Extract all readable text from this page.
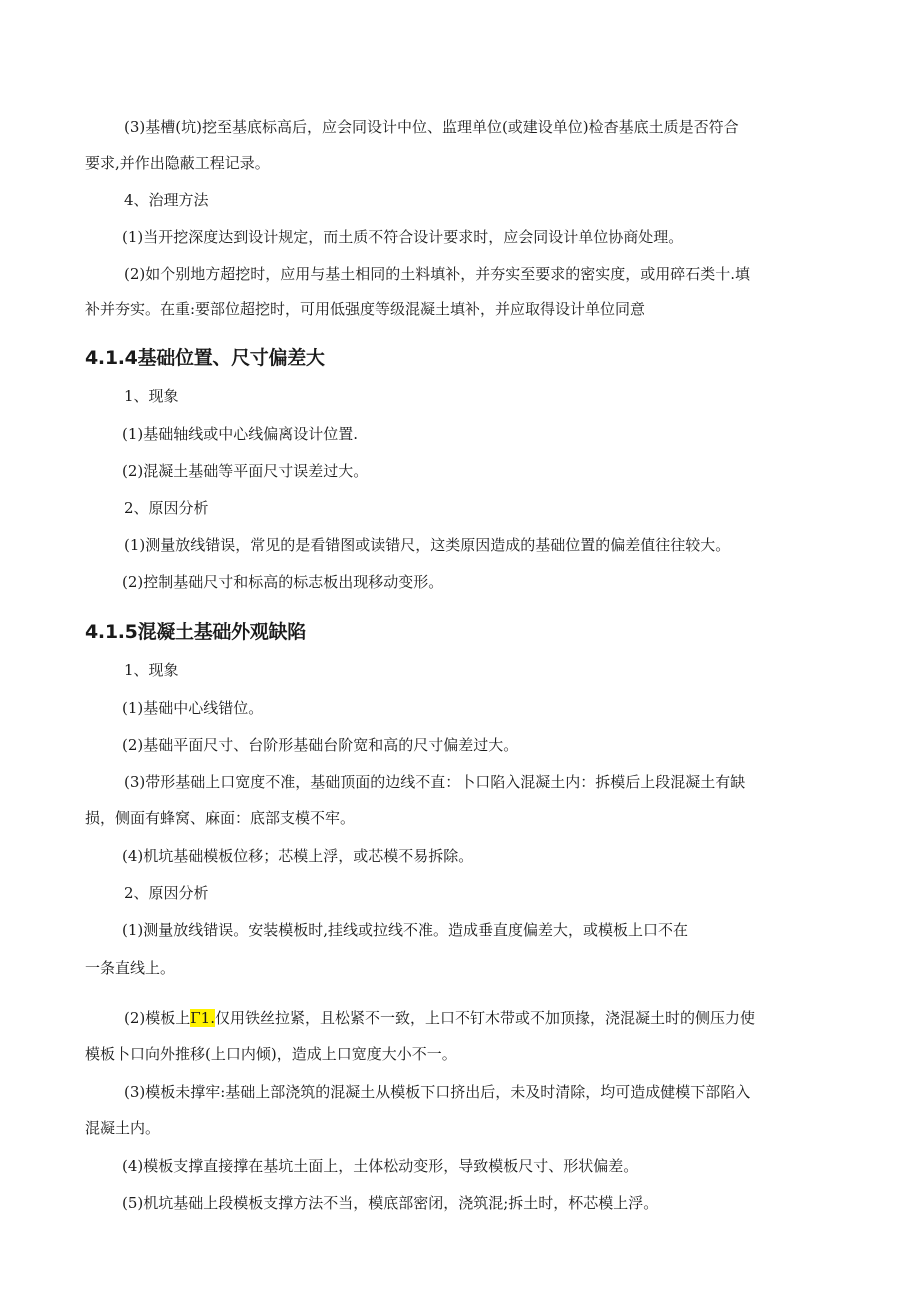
(3)基槽(坑)挖至基底标高后，应会同设计中位、监理单位(或建设单位)检杳基底土质是否符合

要求,并作出隐蔽工程记录。

4、治理方法

(1)当开挖深度达到设计规定，而土质不符合设计要求时，应会同设计单位协商处理。

(2)如个别地方超挖时，应用与基土相同的土料填补，并夯实至要求的密实度，或用碎石类十.填

补并夯实。在重:要部位超挖时，可用低强度等级混凝土填补，并应取得设计单位同意

4.1.4基础位置、尺寸偏差大

1、现象

(1)基础轴线或中心线偏离设计位置.

(2)混凝土基础等平面尺寸误差过大。

2、原因分析

(1)测量放线错误，常见的是看错图或读错尺，这类原因造成的基础位置的偏差值往往较大。

(2)控制基础尺寸和标高的标志板出现移动变形。

4.1.5混凝土基础外观缺陷

1、现象

(1)基础中心线错位。

(2)基础平面尺寸、台阶形基础台阶宽和高的尺寸偏差过大。

(3)带形基础上口宽度不准，基础顶面的边线不直：卜口陷入混凝土内：拆模后上段混凝土有缺

损，侧面有蜂窝、麻面：底部支模不牢。

(4)机坑基础模板位移；芯模上浮，或芯模不易拆除。

2、原因分析

(1)测量放线错误。安装模板时,挂线或拉线不准。造成垂直度偏差大，或模板上口不在

一条直线上。

(2)模板上Γ1.仅用铁丝拉紧，且松紧不一致，上口不钉木带或不加顶掾，浇混凝土时的侧压力使

模板卜口向外推移(上口内倾)，造成上口宽度大小不一。

(3)模板未撑牢:基础上部浇筑的混凝土从模板下口挤出后，未及时清除，均可造成健模下部陷入

混凝土内。

(4)模板支撑直接撑在基坑土面上，土体松动变形，导致模板尺寸、形状偏差。

(5)机坑基础上段模板支撑方法不当，模底部密闭，浇筑混;拆土时，杯芯模上浮。
